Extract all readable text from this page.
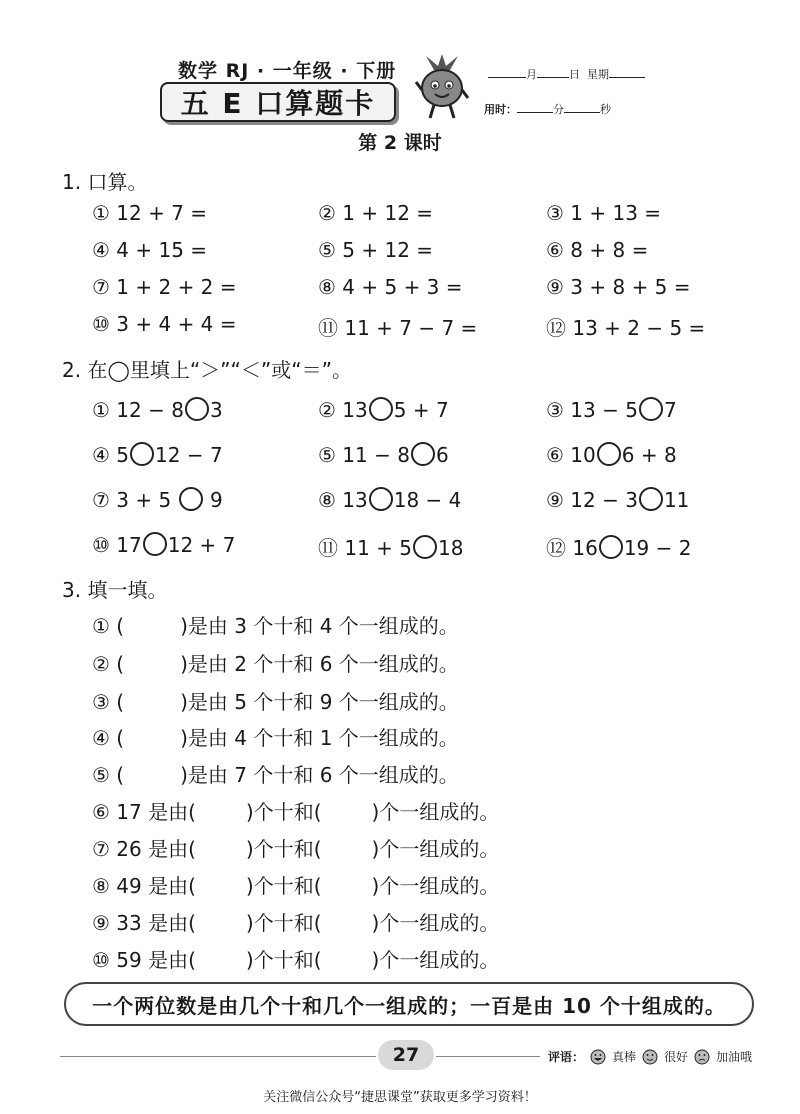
数学 RJ · 一年级 · 下册
五 E 口算题卡
月	日 星期
用时：	分	秒
第 2 课时
1. 口算。
① 12 + 7 =	② 1 + 12 =	③ 1 + 13 =
④ 4 + 15 =	⑤ 5 + 12 =	⑥ 8 + 8 =
⑦ 1 + 2 + 2 =	⑧ 4 + 5 + 3 =	⑨ 3 + 8 + 5 =
⑩ 3 + 4 + 4 =	⑪ 11 + 7 − 7 =	⑫ 13 + 2 − 5 =
2. 在◯里填上“＞”“＜”或“＝”。
① 12 − 8 3	② 13 5 + 7	③ 13 − 5 7
④ 5 12 − 7	⑤ 11 − 8 6	⑥ 10 6 + 8
⑦ 3 + 5 9	⑧ 13 18 − 4	⑨ 12 − 3 11
⑩ 17 12 + 7	⑪ 11 + 5 18	⑫ 16 19 − 2
3. 填一填。
① (	)是由 3 个十和 4 个一组成的。
② (	)是由 2 个十和 6 个一组成的。
③ (	)是由 5 个十和 9 个一组成的。
④ (	)是由 4 个十和 1 个一组成的。
⑤ (	)是由 7 个十和 6 个一组成的。
⑥ 17 是由(	)个十和(	)个一组成的。
⑦ 26 是由(	)个十和(	)个一组成的。
⑧ 49 是由(	)个十和(	)个一组成的。
⑨ 33 是由(	)个十和(	)个一组成的。
⑩ 59 是由(	)个十和(	)个一组成的。
一个两位数是由几个十和几个一组成的；一百是由 10 个十组成的。
27	评语： 真棒 很好 加油哦
关注微信公众号“捷思课堂”获取更多学习资料！
